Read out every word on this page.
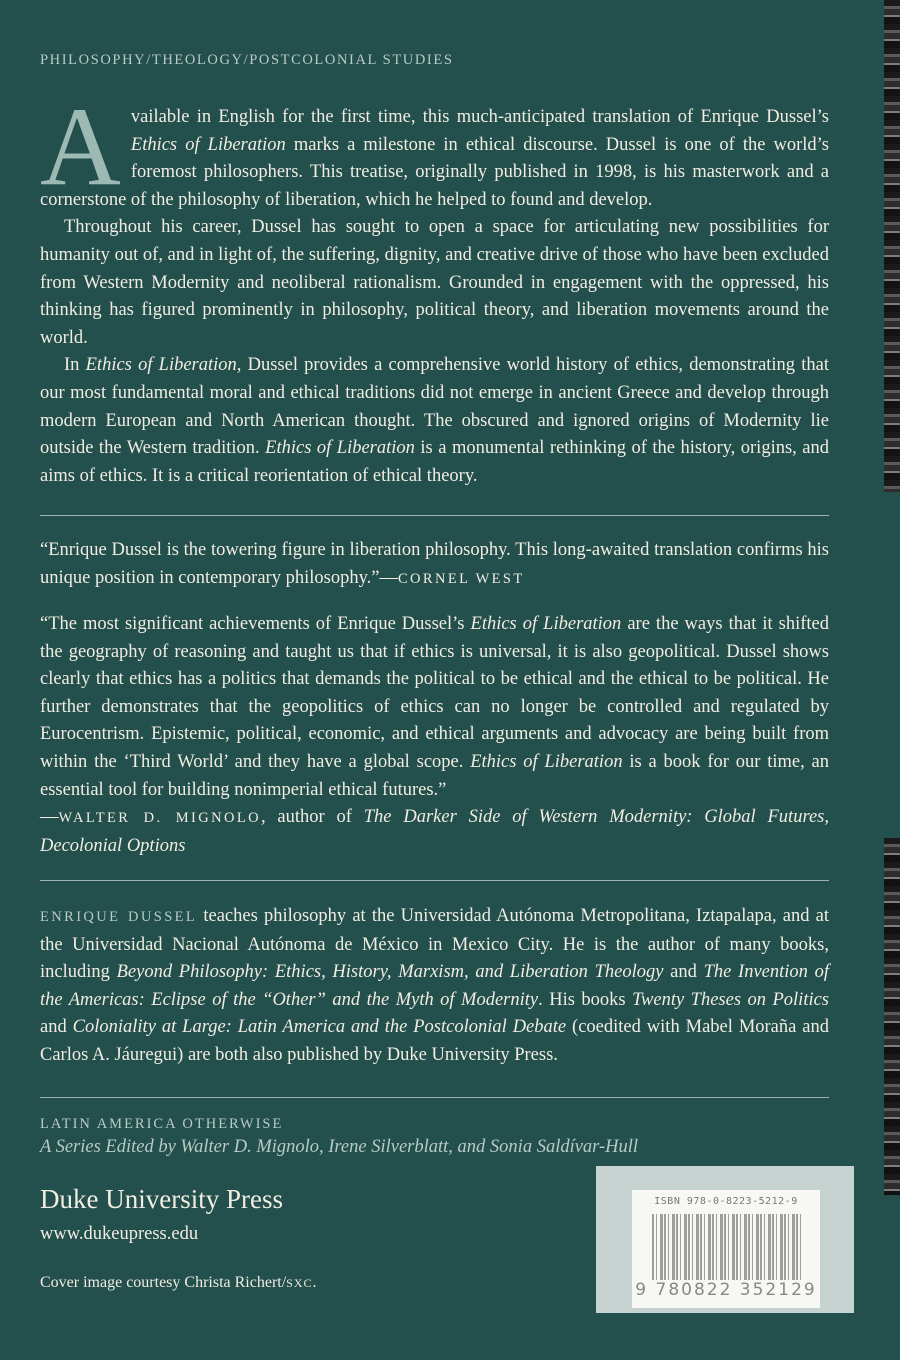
PHILOSOPHY/THEOLOGY/POSTCOLONIAL STUDIES

Available in English for the first time, this much-anticipated translation of Enrique Dussel’s Ethics of Liberation marks a milestone in ethical discourse. Dussel is one of the world’s foremost philosophers. This treatise, originally published in 1998, is his masterwork and a cornerstone of the philosophy of liberation, which he helped to found and develop.

Throughout his career, Dussel has sought to open a space for articulating new possibilities for humanity out of, and in light of, the suffering, dignity, and creative drive of those who have been excluded from Western Modernity and neoliberal rationalism. Grounded in engagement with the oppressed, his thinking has figured prominently in philosophy, political theory, and liberation movements around the world.

In Ethics of Liberation, Dussel provides a comprehensive world history of ethics, demonstrating that our most fundamental moral and ethical traditions did not emerge in ancient Greece and develop through modern European and North American thought. The obscured and ignored origins of Modernity lie outside the Western tradition. Ethics of Liberation is a monumental rethinking of the history, origins, and aims of ethics. It is a critical reorientation of ethical theory.

“Enrique Dussel is the towering figure in liberation philosophy. This long-awaited translation confirms his unique position in contemporary philosophy.”—CORNEL WEST
“The most significant achievements of Enrique Dussel’s Ethics of Liberation are the ways that it shifted the geography of reasoning and taught us that if ethics is universal, it is also geopolitical. Dussel shows clearly that ethics has a politics that demands the political to be ethical and the ethical to be political. He further demonstrates that the geopolitics of ethics can no longer be controlled and regulated by Eurocentrism. Epistemic, political, economic, and ethical arguments and advocacy are being built from within the ‘Third World’ and they have a global scope. Ethics of Liberation is a book for our time, an essential tool for building nonimperial ethical futures.”
—WALTER D. MIGNOLO, author of The Darker Side of Western Modernity: Global Futures, Decolonial Options
ENRIQUE DUSSEL teaches philosophy at the Universidad Autónoma Metropolitana, Iztapalapa, and at the Universidad Nacional Autónoma de México in Mexico City. He is the author of many books, including Beyond Philosophy: Ethics, History, Marxism, and Liberation Theology and The Invention of the Americas: Eclipse of the “Other” and the Myth of Modernity. His books Twenty Theses on Politics and Coloniality at Large: Latin America and the Postcolonial Debate (coedited with Mabel Moraña and Carlos A. Jáuregui) are both also published by Duke University Press.
LATIN AMERICA OTHERWISE
A Series Edited by Walter D. Mignolo, Irene Silverblatt, and Sonia Saldívar-Hull
Duke University Press
www.dukeupress.edu
Cover image courtesy Christa Richert/SXC.
ISBN 978-0-8223-5212-9
9 780822 352129
